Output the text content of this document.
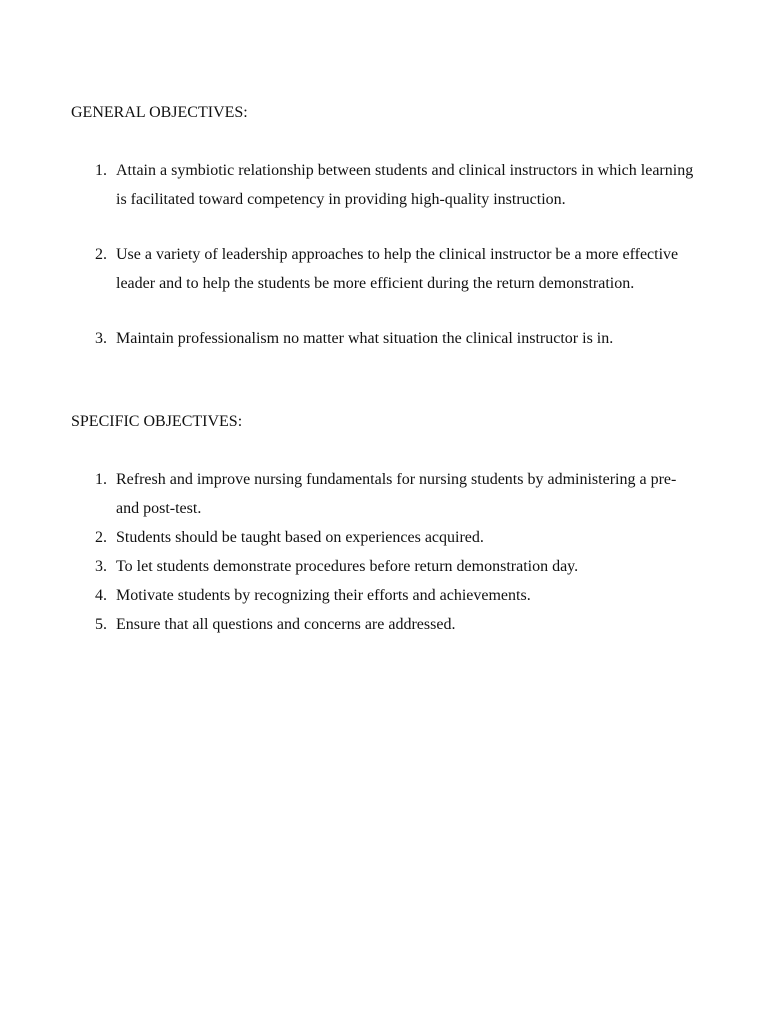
GENERAL OBJECTIVES:
1. Attain a symbiotic relationship between students and clinical instructors in which learning is facilitated toward competency in providing high-quality instruction.
2. Use a variety of leadership approaches to help the clinical instructor be a more effective leader and to help the students be more efficient during the return demonstration.
3. Maintain professionalism no matter what situation the clinical instructor is in.
SPECIFIC OBJECTIVES:
1. Refresh and improve nursing fundamentals for nursing students by administering a pre-and post-test.
2. Students should be taught based on experiences acquired.
3. To let students demonstrate procedures before return demonstration day.
4. Motivate students by recognizing their efforts and achievements.
5. Ensure that all questions and concerns are addressed.
